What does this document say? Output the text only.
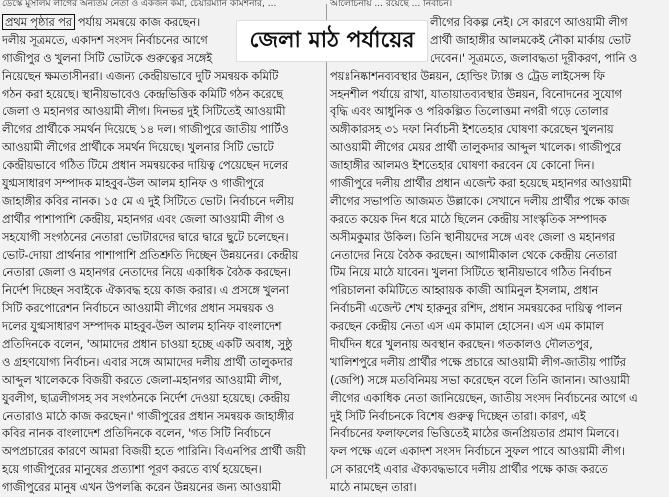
ডেস্কে মুসলিম লীগের অন্যতম নেতা ও একজন কর্মী, চেয়ারম্যান কমিশনার, ...	আলোচনায় ... রয়েছে ... নির্বাচন।
প্রথম পৃষ্ঠার পর পর্যায় সমন্বয়ে কাজ করছেন।
দলীয় সূত্রমতে, একাদশ সংসদ নির্বাচনের আগে
গাজীপুর ও খুলনা সিটি ভোটকে গুরুত্বের সঙ্গেই
নিয়েছেন ক্ষমতাসীনরা। এজন্য কেন্দ্রীয়ভাবে দুটি সমন্বয়ক কমিটি
গঠন করা হয়েছে। স্থানীয়ভাবেও কেন্দ্রভিত্তিক কমিটি গঠন করেছে
জেলা ও মহানগর আওয়ামী লীগ। দিনভর দুই সিটিতেই আওয়ামী
লীগের প্রার্থীকে সমর্থন দিয়েছে ১৪ দল। গাজীপুরে জাতীয় পার্টিও
আওয়ামী লীগের প্রার্থীকে সমর্থন দিয়েছে। খুলনার সিটি ভোটে
কেন্দ্রীয়ভাবে গঠিত টিমে প্রধান সমন্বয়কের দায়িত্ব পেয়েছেন দলের
যুগ্মসাধারণ সম্পাদক মাহবুব-উল আলম হানিফ ও গাজীপুরে
জাহাঙ্গীর কবির নানক। ১৫ মে এ দুই সিটিতে ভোট। নির্বাচনে দলীয়
প্রার্থীর পাশাপাশি কেন্দ্রীয়, মহানগর এবং জেলা আওয়ামী লীগ ও
সহযোগী সংগঠনের নেতারা ভোটারদের দ্বারে দ্বারে ছুটে চলেছেন।
ভোট-দোয়া প্রার্থনার পাশাপাশি প্রতিশ্রুতি দিচ্ছেন উন্নয়নের। কেন্দ্রীয়
নেতারা জেলা ও মহানগর নেতাদের নিয়ে একাধিক বৈঠক করছেন।
নির্দেশ দিচ্ছেন সবাইকে ঐক্যবদ্ধ হয়ে কাজ করার। এ প্রসঙ্গে খুলনা
সিটি করপোরেশন নির্বাচনে আওয়ামী লীগের প্রধান সমন্বয়ক ও
দলের যুগ্মসাধারণ সম্পাদক মাহবুব-উল আলম হানিফ বাংলাদেশ
প্রতিদিনকে বলেন, 'আমাদের প্রধান চাওয়া হচ্ছে একটি অবাধ, সুষ্ঠু
ও গ্রহণযোগ্য নির্বাচন। এবার সঙ্গে আমাদের দলীয় প্রার্থী তালুকদার
আব্দুল খালেককে বিজয়ী করতে জেলা-মহানগর আওয়ামী লীগ,
যুবলীগ, ছাত্রলীগসহ সব সংগঠনকে নির্দেশ দেওয়া হয়েছে। কেন্দ্রীয়
নেতারাও মাঠে কাজ করছেন।' গাজীপুরের প্রধান সমন্বয়ক জাহাঙ্গীর
কবির নানক বাংলাদেশ প্রতিদিনকে বলেন, 'গত সিটি নির্বাচনে
অপপ্রচারের কারণে আমরা বিজয়ী হতে পারিনি। বিএনপির প্রার্থী জয়ী
হয়ে গাজীপুরের মানুষের প্রত্যাশা পূরণ করতে ব্যর্থ হয়েছেন।
গাজীপুরের মানুষ এখন উপলব্ধি করেন উন্নয়নের জন্য আওয়ামী
লীগের বিকল্প নেই। সে কারণে আওয়ামী লীগ
প্রার্থী জাহাঙ্গীর আলমকেই নৌকা মার্কায় ভোট
দেবেন।' সূত্রমতে, জলাবদ্ধতা দূরীকরণ, পানি ও
পয়ঃনিষ্কাশনব্যবস্থার উন্নয়ন, হোল্ডিং ট্যাক্স ও ট্রেড লাইসেন্স ফি
সহনশীল পর্যায়ে রাখা, যাতায়াতব্যবস্থার উন্নয়ন, বিনোদনের সুযোগ
বৃদ্ধি এবং আধুনিক ও পরিকল্পিত তিলোত্তমা নগরী গড়ে তোলার
অঙ্গীকারসহ ৩১ দফা নির্বাচনী ইশতেহার ঘোষণা করেছেন খুলনায়
আওয়ামী লীগের মেয়র প্রার্থী তালুকদার আব্দুল খালেক। গাজীপুরে
জাহাঙ্গীর আলমও ইশতেহার ঘোষণা করবেন যে কোনো দিন।
গাজীপুরে দলীয় প্রার্থীর প্রধান এজেন্ট করা হয়েছে মহানগর আওয়ামী
লীগের সভাপতি আজমত উল্লাকে। সেখানে দলীয় প্রার্থীর পক্ষে কাজ
করতে কয়েক দিন ধরে মাঠে ছিলেন কেন্দ্রীয় সাংস্কৃতিক সম্পাদক
অসীমকুমার উকিল। তিনি স্থানীয়দের সঙ্গে এবং জেলা ও মহানগর
নেতাদের নিয়ে বৈঠক করছেন। আগামীকাল থেকে কেন্দ্রীয় নেতারা
টিম নিয়ে মাঠে যাবেন। খুলনা সিটিতে স্থানীয়ভাবে গঠিত নির্বাচন
পরিচালনা কমিটিতে আহ্বায়ক কাজী আমিনুল ইসলাম, প্রধান
নির্বাচনী এজেন্ট শেখ হারুনুর রশিদ, প্রধান সমন্বয়কের দায়িত্ব পালন
করছেন কেন্দ্রীয় নেতা এস এম কামাল হোসেন। এস এম কামাল
দীর্ঘদিন ধরে খুলনায় অবস্থান করছেন। গতকালও দৌলতপুর,
খালিশপুরে দলীয় প্রার্থীর পক্ষে প্রচারে আওয়ামী লীগ-জাতীয় পার্টির
(জেপি) সঙ্গে মতবিনিময় সভা করেছেন বলে তিনি জানান। আওয়ামী
লীগের একাধিক নেতা জানিয়েছেন, জাতীয় সংসদ নির্বাচনের আগে এ
দুই সিটি নির্বাচনকে বিশেষ গুরুত্ব দিচ্ছেন তারা। কারণ, এই
নির্বাচনের ফলাফলের ভিত্তিতেই মাঠের জনপ্রিয়তার প্রমাণ মিলবে।
ফল পক্ষে এলে একাদশ সংসদ নির্বাচনে সুফল পাবে আওয়ামী লীগ।
সে কারণেই এবার ঐক্যবদ্ধভাবে দলীয় প্রার্থীর পক্ষে কাজ করতে
মাঠে নামছেন তারা।
জেলা মাঠ পর্যায়ের
